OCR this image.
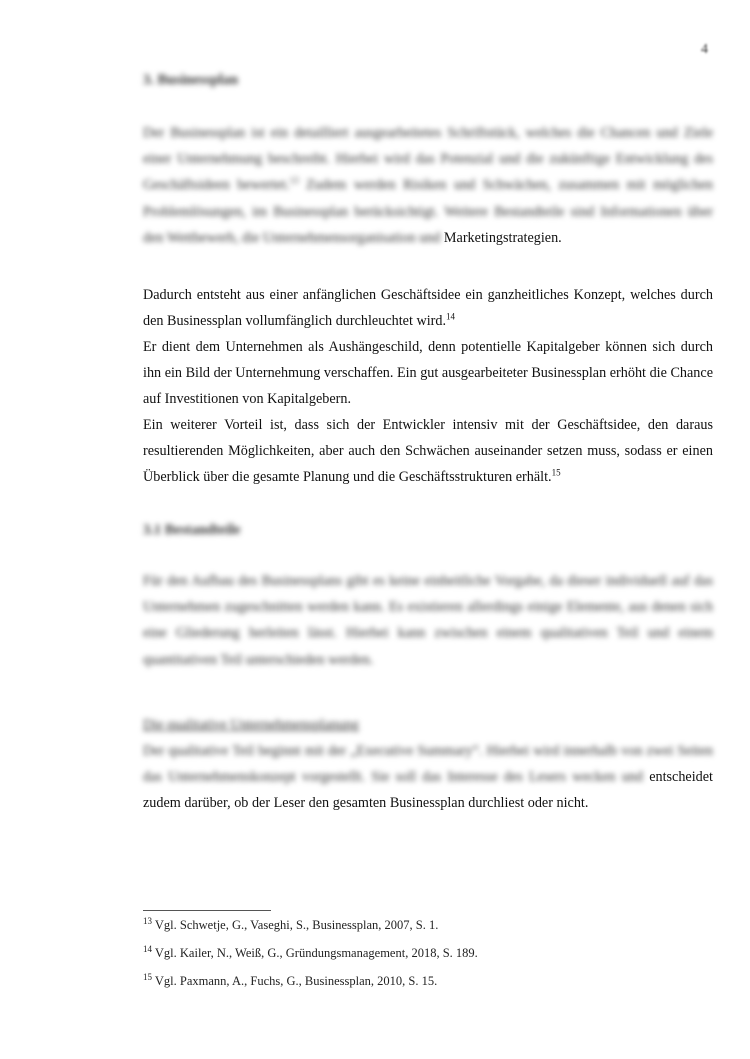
4
3. Businessplan
Der Businessplan ist ein detailliert ausgearbeitetes Schriftstück, welches die Chancen und Ziele einer Unternehmung beschreibt. Hierbei wird das Potenzial und die zukünftige Entwicklung des Geschäftsideen bewertet.$^{13}$ Zudem werden Risiken und Schwächen, zusammen mit möglichen Problemlösungen, im Businessplan berücksichtigt. Weitere Bestandteile sind Informationen über den Wettbewerb, die Unternehmensorganisation und Marketingstrategien.
Dadurch entsteht aus einer anfänglichen Geschäftsidee ein ganzheitliches Konzept, welches durch den Businessplan vollumfänglich durchleuchtet wird.$^{14}$
Er dient dem Unternehmen als Aushängeschild, denn potentielle Kapitalgeber können sich durch ihn ein Bild der Unternehmung verschaffen. Ein gut ausgearbeiteter Businessplan erhöht die Chance auf Investitionen von Kapitalgebern.
Ein weiterer Vorteil ist, dass sich der Entwickler intensiv mit der Geschäftsidee, den daraus resultierenden Möglichkeiten, aber auch den Schwächen auseinander setzen muss, sodass er einen Überblick über die gesamte Planung und die Geschäftsstrukturen erhält.$^{15}$
3.1 Bestandteile
Für den Aufbau des Businessplans gibt es keine einheitliche Vorgabe, da dieser individuell auf das Unternehmen zugeschnitten werden kann. Es existieren allerdings einige Elemente, aus denen sich eine Gliederung herleiten lässt. Hierbei kann zwischen einem qualitativen Teil und einem quantitativen Teil unterschieden werden.
Die qualitative Unternehmensplanung
Der qualitative Teil beginnt mit der „Executive Summary“. Hierbei wird innerhalb von zwei Seiten das Unternehmenskonzept vorgestellt. Sie soll das Interesse des Lesers wecken und entscheidet zudem darüber, ob der Leser den gesamten Businessplan durchliest oder nicht.
$^{13}$ Vgl. Schwetje, G., Vaseghi, S., Businessplan, 2007, S. 1.
$^{14}$ Vgl. Kailer, N., Weiß, G., Gründungsmanagement, 2018, S. 189.
$^{15}$ Vgl. Paxmann, A., Fuchs, G., Businessplan, 2010, S. 15.
